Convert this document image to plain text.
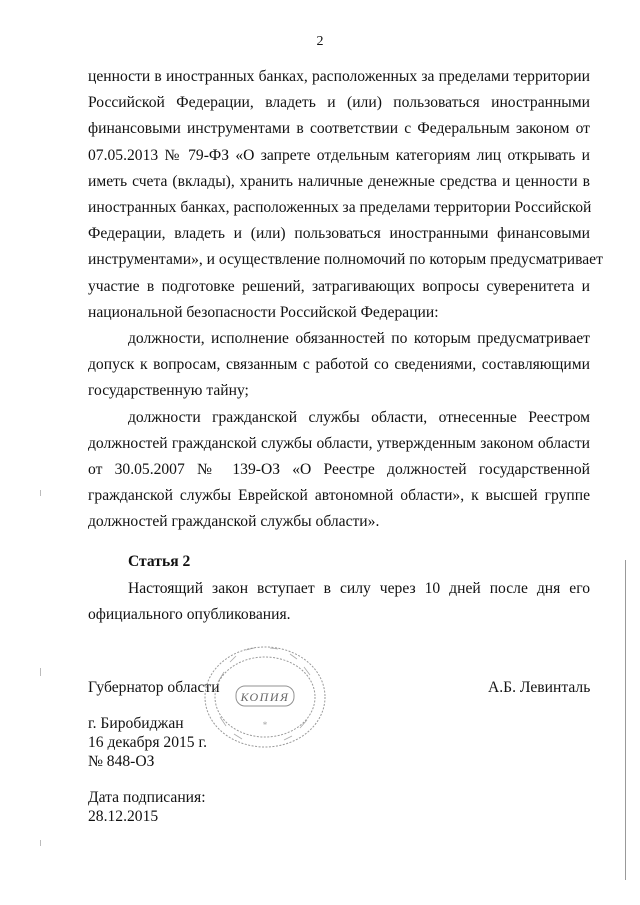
2

ценности в иностранных банках, расположенных за пределами территории
Российской Федерации, владеть и (или) пользоваться иностранными
финансовыми инструментами в соответствии с Федеральным законом от
07.05.2013 № 79-ФЗ «О запрете отдельным категориям лиц открывать и
иметь счета (вклады), хранить наличные денежные средства и ценности в
иностранных банках, расположенных за пределами территории Российской
Федерации, владеть и (или) пользоваться иностранными финансовыми
инструментами», и осуществление полномочий по которым предусматривает
участие в подготовке решений, затрагивающих вопросы суверенитета и
национальной безопасности Российской Федерации:

должности, исполнение обязанностей по которым предусматривает
допуск к вопросам, связанным с работой со сведениями, составляющими
государственную тайну;

должности гражданской службы области, отнесенные Реестром
должностей гражданской службы области, утвержденным законом области
от 30.05.2007 № 139-ОЗ «О Реестре должностей государственной
гражданской службы Еврейской автономной области», к высшей группе
должностей гражданской службы области».

Статья 2

Настоящий закон вступает в силу через 10 дней после дня его
официального опубликования.

Губернатор области	А.Б. Левинталь
г. Биробиджан
16 декабря 2015 г.
№ 848-ОЗ
Дата подписания:
28.12.2015
КОПИЯ
*
